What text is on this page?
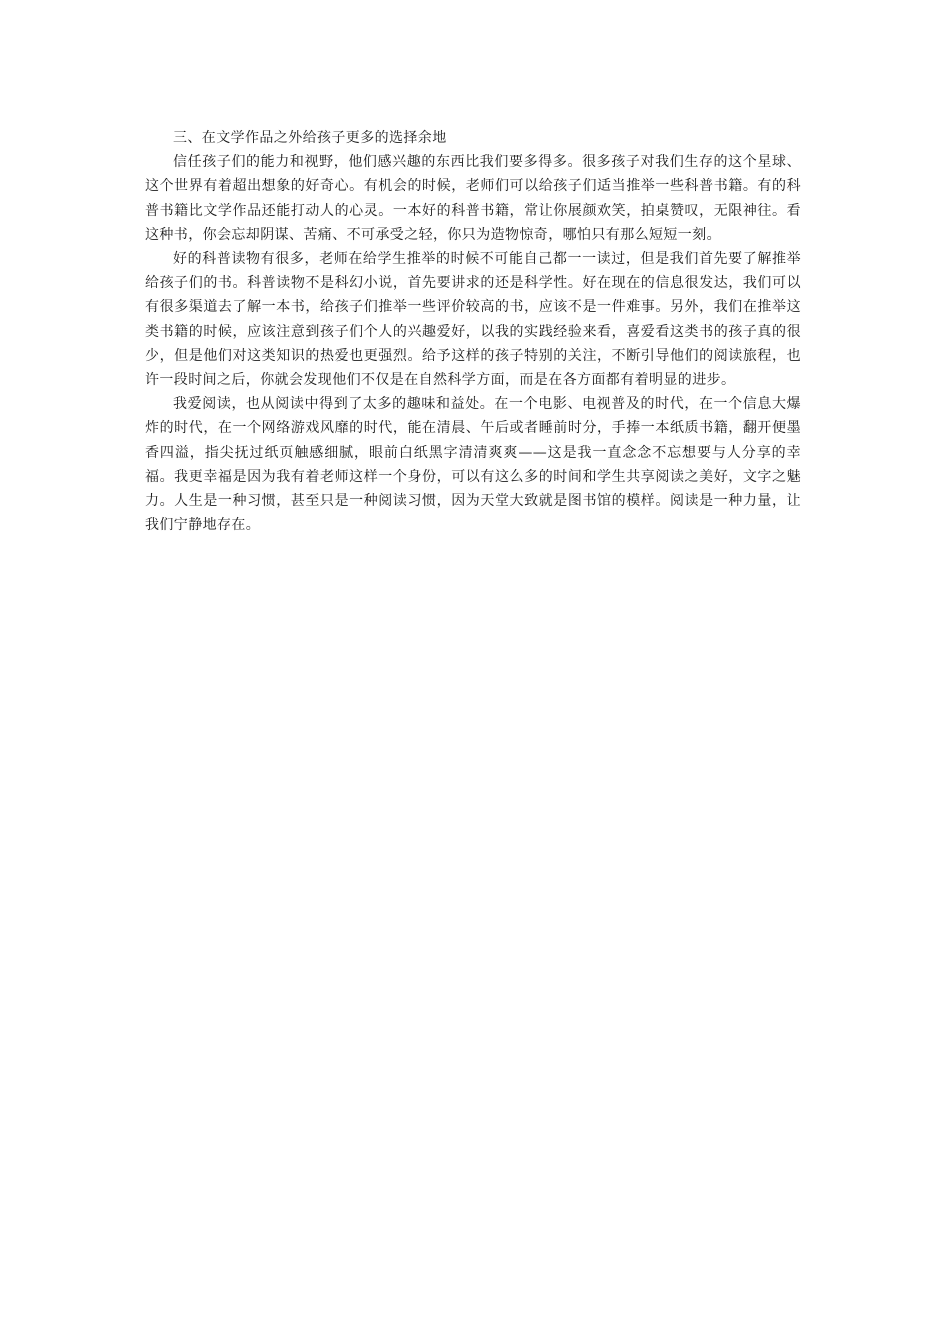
三、在文学作品之外给孩子更多的选择余地

信任孩子们的能力和视野，他们感兴趣的东西比我们要多得多。很多孩子对我们生存的这个星球、这个世界有着超出想象的好奇心。有机会的时候，老师们可以给孩子们适当推举一些科普书籍。有的科普书籍比文学作品还能打动人的心灵。一本好的科普书籍，常让你展颜欢笑，拍桌赞叹，无限神往。看这种书，你会忘却阴谋、苦痛、不可承受之轻，你只为造物惊奇，哪怕只有那么短短一刻。

好的科普读物有很多，老师在给学生推举的时候不可能自己都一一读过，但是我们首先要了解推举给孩子们的书。科普读物不是科幻小说，首先要讲求的还是科学性。好在现在的信息很发达，我们可以有很多渠道去了解一本书，给孩子们推举一些评价较高的书，应该不是一件难事。另外，我们在推举这类书籍的时候，应该注意到孩子们个人的兴趣爱好，以我的实践经验来看，喜爱看这类书的孩子真的很少，但是他们对这类知识的热爱也更强烈。给予这样的孩子特别的关注，不断引导他们的阅读旅程，也许一段时间之后，你就会发现他们不仅是在自然科学方面，而是在各方面都有着明显的进步。

我爱阅读，也从阅读中得到了太多的趣味和益处。在一个电影、电视普及的时代，在一个信息大爆炸的时代，在一个网络游戏风靡的时代，能在清晨、午后或者睡前时分，手捧一本纸质书籍，翻开便墨香四溢，指尖抚过纸页触感细腻，眼前白纸黑字清清爽爽——这是我一直念念不忘想要与人分享的幸福。我更幸福是因为我有着老师这样一个身份，可以有这么多的时间和学生共享阅读之美好，文字之魅力。人生是一种习惯，甚至只是一种阅读习惯，因为天堂大致就是图书馆的模样。阅读是一种力量，让我们宁静地存在。
